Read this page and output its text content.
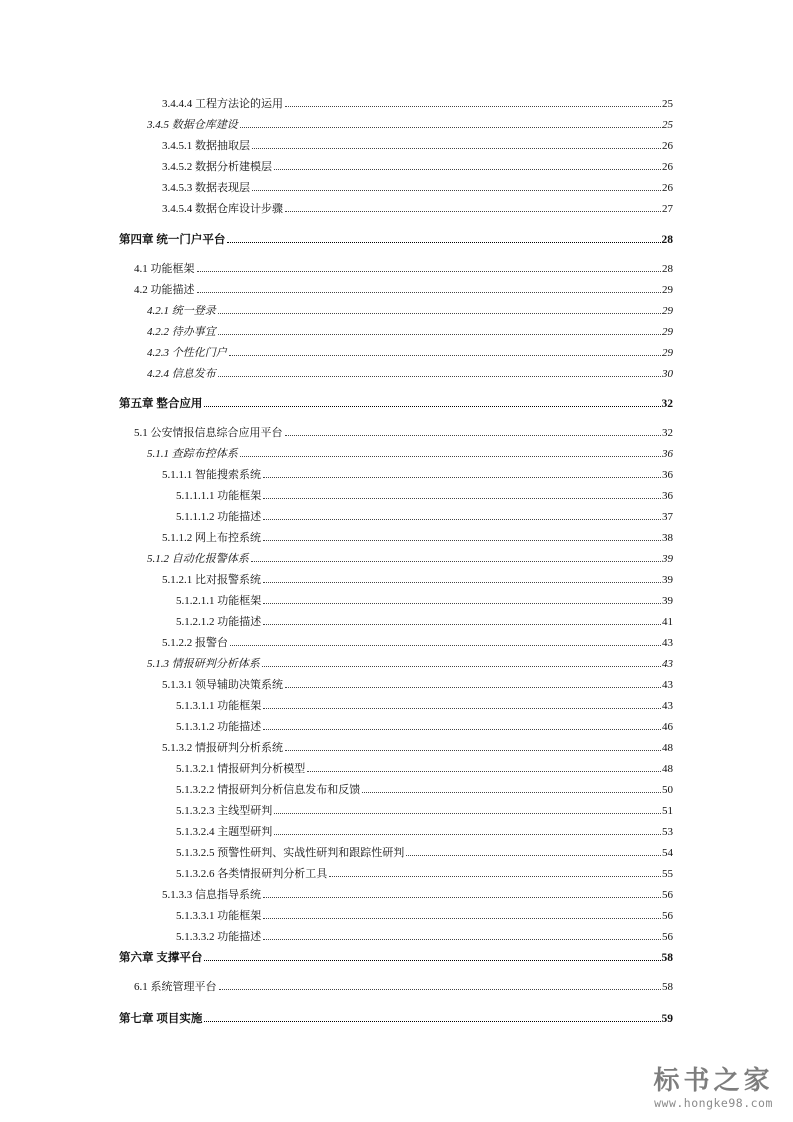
3.4.4.4 工程方法论的运用	25
3.4.5 数据仓库建设	25
3.4.5.1 数据抽取层	26
3.4.5.2 数据分析建模层	26
3.4.5.3 数据表现层	26
3.4.5.4 数据仓库设计步骤	27
第四章 统一门户平台	28
4.1 功能框架	28
4.2 功能描述	29
4.2.1 统一登录	29
4.2.2 待办事宜	29
4.2.3 个性化门户	29
4.2.4 信息发布	30
第五章 整合应用	32
5.1 公安情报信息综合应用平台	32
5.1.1 查踪布控体系	36
5.1.1.1 智能搜索系统	36
5.1.1.1.1 功能框架	36
5.1.1.1.2 功能描述	37
5.1.1.2 网上布控系统	38
5.1.2 自动化报警体系	39
5.1.2.1 比对报警系统	39
5.1.2.1.1 功能框架	39
5.1.2.1.2 功能描述	41
5.1.2.2 报警台	43
5.1.3 情报研判分析体系	43
5.1.3.1 领导辅助决策系统	43
5.1.3.1.1 功能框架	43
5.1.3.1.2 功能描述	46
5.1.3.2 情报研判分析系统	48
5.1.3.2.1 情报研判分析模型	48
5.1.3.2.2 情报研判分析信息发布和反馈	50
5.1.3.2.3 主线型研判	51
5.1.3.2.4 主题型研判	53
5.1.3.2.5 预警性研判、实战性研判和跟踪性研判	54
5.1.3.2.6 各类情报研判分析工具	55
5.1.3.3 信息指导系统	56
5.1.3.3.1 功能框架	56
5.1.3.3.2 功能描述	56
第六章 支撑平台	58
6.1 系统管理平台	58
第七章 项目实施	59
标书之家
www.hongke98.com
